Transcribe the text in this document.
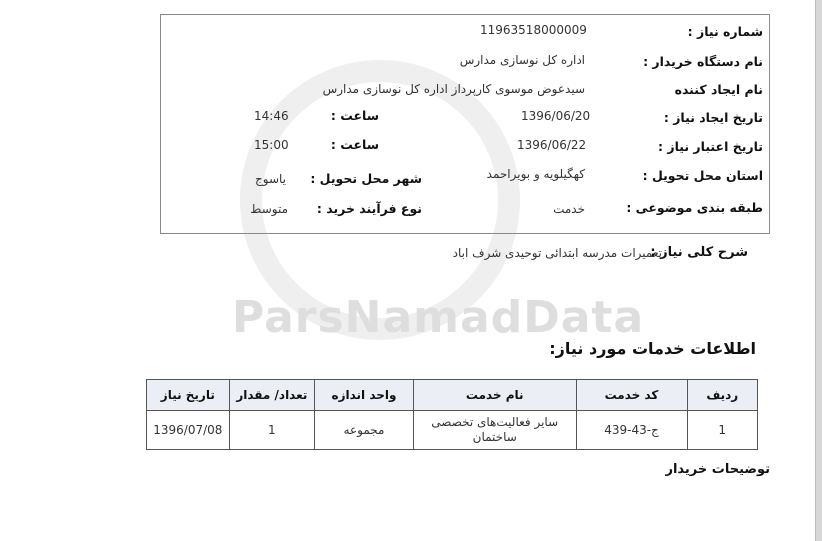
ParsNamadData
شماره نیاز :
11963518000009
نام دستگاه خریدار :
اداره کل نوسازی مدارس
نام ایجاد کننده
سیدعوض موسوی کارپرداز اداره کل نوسازی مدارس
تاریخ ایجاد نیاز :
1396/06/20
ساعت :
14:46
تاریخ اعتبار نیاز :
1396/06/22
ساعت :
15:00
استان محل تحویل :
کهگیلویه و بویراحمد
شهر محل تحویل :
یاسوج
طبقه بندی موضوعی :
خدمت
نوع فرآیند خرید :
متوسط
شرح کلی نیاز :
تعمیرات مدرسه ابتدائی توحیدی شرف اباد
اطلاعات خدمات مورد نیاز:
ردیف	کد خدمت	نام خدمت	واحد اندازه	تعداد/ مقدار	تاریخ نیاز
1	ج-43-439	سایر فعالیت‌های تخصصی ساختمان	مجموعه	1	1396/07/08
توضیحات خریدار
